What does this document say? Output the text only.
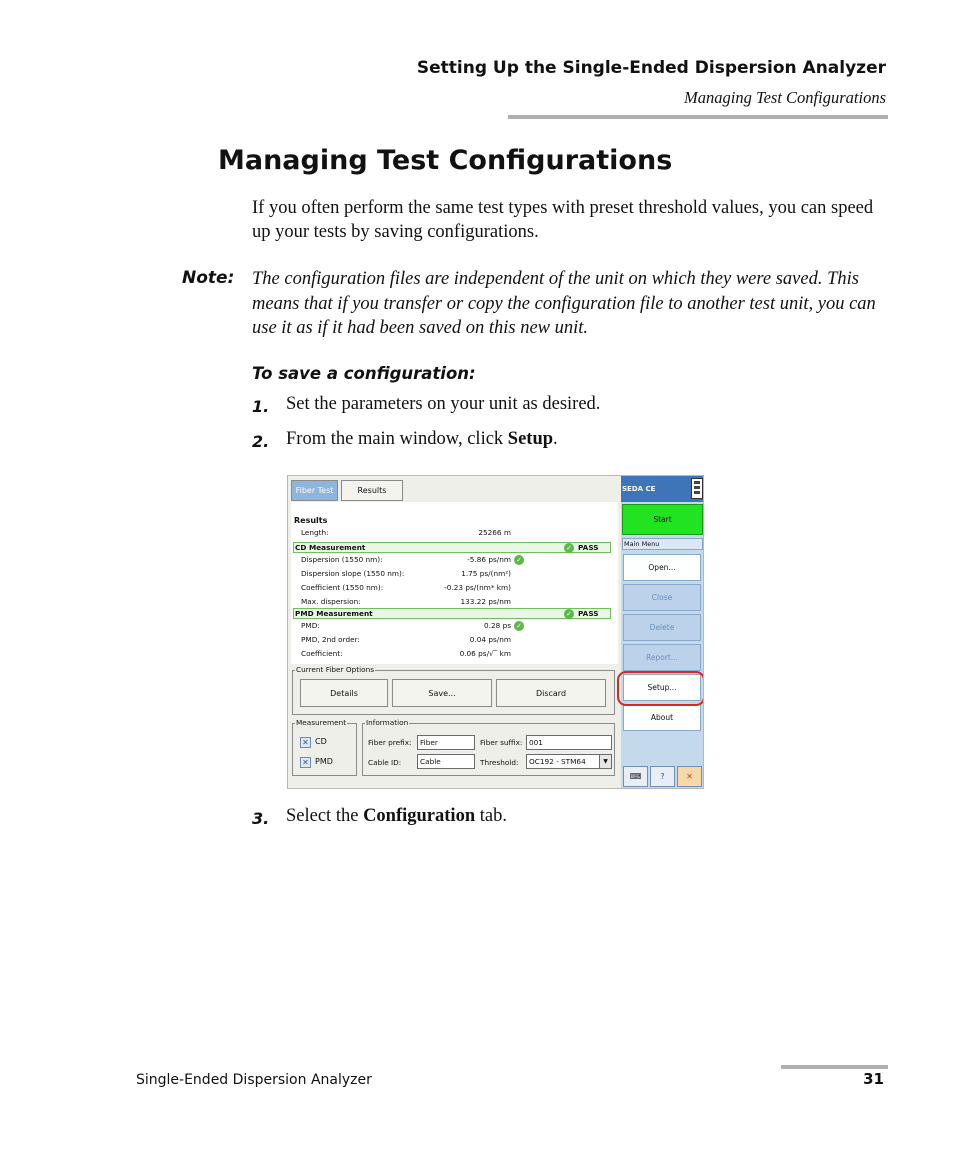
Setting Up the Single-Ended Dispersion Analyzer
Managing Test Configurations
Managing Test Configurations

If you often perform the same test types with preset threshold values, you can speed up your tests by saving configurations.

Note: The configuration files are independent of the unit on which they were saved. This means that if you transfer or copy the configuration file to another test unit, you can use it as if it had been saved on this new unit.

To save a configuration:
1. Set the parameters on your unit as desired.
2. From the main window, click Setup.
Fiber Test	Results
Results
Length:	25266 m
CD Measurement	✓ PASS
Dispersion (1550 nm):	-5.86 ps/nm ✓
Dispersion slope (1550 nm):	1.75 ps/(nm²)
Coefficient (1550 nm):	-0.23 ps/(nm* km)
Max. dispersion:	133.22 ps/nm
PMD Measurement	✓ PASS
PMD:	0.28 ps ✓
PMD, 2nd order:	0.04 ps/nm
Coefficient:	0.06 ps/√‾ km
Current Fiber Options
Details	Save...	Discard
Measurement
✕ CD
✕ PMD
Information
Fiber prefix:	Fiber	Fiber suffix: 001
Cable ID:	Cable	Threshold:	OC192 - STM64	▼
SEDA CE
Start
Main Menu
Open...
Close
Delete
Report...
Setup...
About
⌨	?	✕
3. Select the Configuration tab.
Single-Ended Dispersion Analyzer	31
